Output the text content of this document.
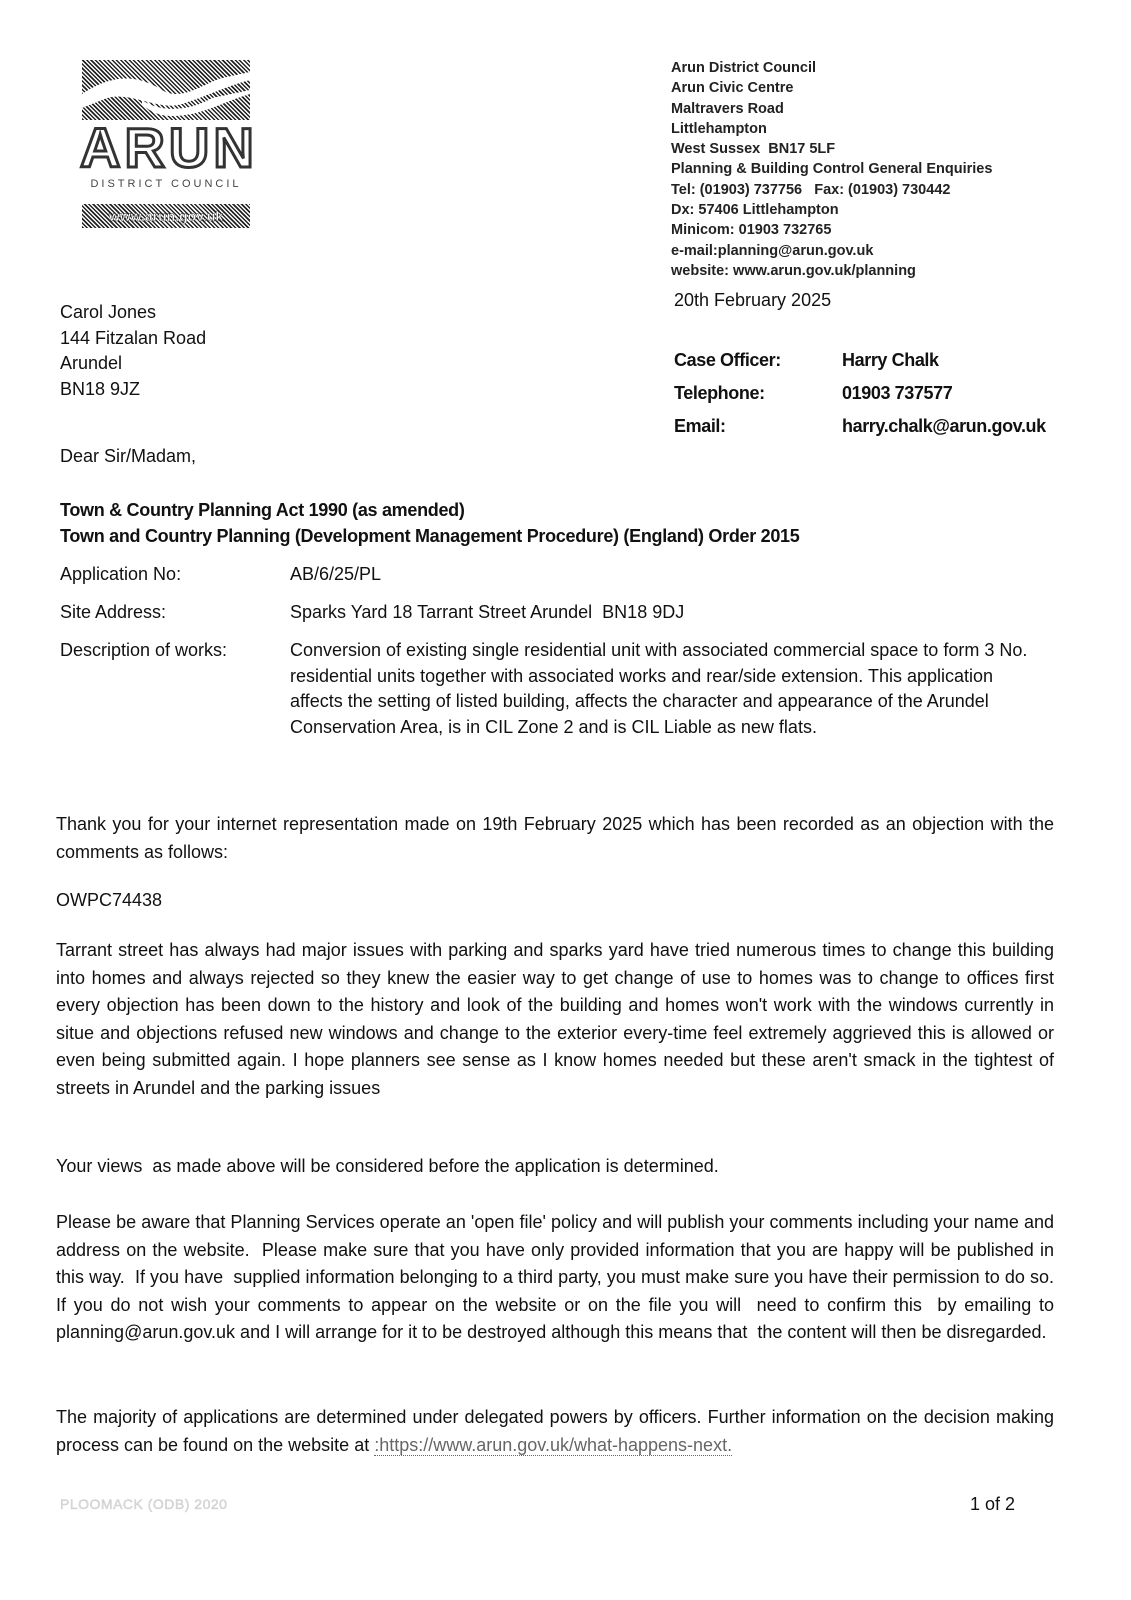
ARUN
DISTRICT COUNCIL
www.arun.gov.uk
Arun District Council
Arun Civic Centre
Maltravers Road
Littlehampton
West Sussex  BN17 5LF
Planning & Building Control General Enquiries
Tel: (01903) 737756   Fax: (01903) 730442
Dx: 57406 Littlehampton
Minicom: 01903 732765
e-mail:planning@arun.gov.uk
website: www.arun.gov.uk/planning
20th February 2025
Carol Jones
144 Fitzalan Road
Arundel
BN18 9JZ
Case Officer:	Harry Chalk
Telephone:	01903 737577
Email:	harry.chalk@arun.gov.uk
Dear Sir/Madam,
Town & Country Planning Act 1990 (as amended)
Town and Country Planning (Development Management Procedure) (England) Order 2015
Application No:	AB/6/25/PL
Site Address:	Sparks Yard 18 Tarrant Street Arundel  BN18 9DJ
Description of works:	Conversion of existing single residential unit with associated commercial space to form 3 No. residential units together with associated works and rear/side extension. This application affects the setting of listed building, affects the character and appearance of the Arundel Conservation Area, is in CIL Zone 2 and is CIL Liable as new flats.
Thank you for your internet representation made on 19th February 2025 which has been recorded as an objection with the comments as follows:
OWPC74438
Tarrant street has always had major issues with parking and sparks yard have tried numerous times to change this building into homes and always rejected so they knew the easier way to get change of use to homes was to change to offices first every objection has been down to the history and look of the building and homes won't work with the windows currently in situe and objections refused new windows and change to the exterior every-time feel extremely aggrieved this is allowed or even being submitted again. I hope planners see sense as I know homes needed but these aren't smack in the tightest of streets in Arundel and the parking issues
Your views  as made above will be considered before the application is determined.
Please be aware that Planning Services operate an 'open file' policy and will publish your comments including your name and address on the website.  Please make sure that you have only provided information that you are happy will be published in this way.  If you have  supplied information belonging to a third party, you must make sure you have their permission to do so.  If you do not wish your comments to appear on the website or on the file you will  need to confirm this  by emailing to planning@arun.gov.uk and I will arrange for it to be destroyed although this means that  the content will then be disregarded.
The majority of applications are determined under delegated powers by officers. Further information on the decision making process can be found on the website at :https://www.arun.gov.uk/what-happens-next.
PLOOMACK (ODB) 2020	1 of 2
